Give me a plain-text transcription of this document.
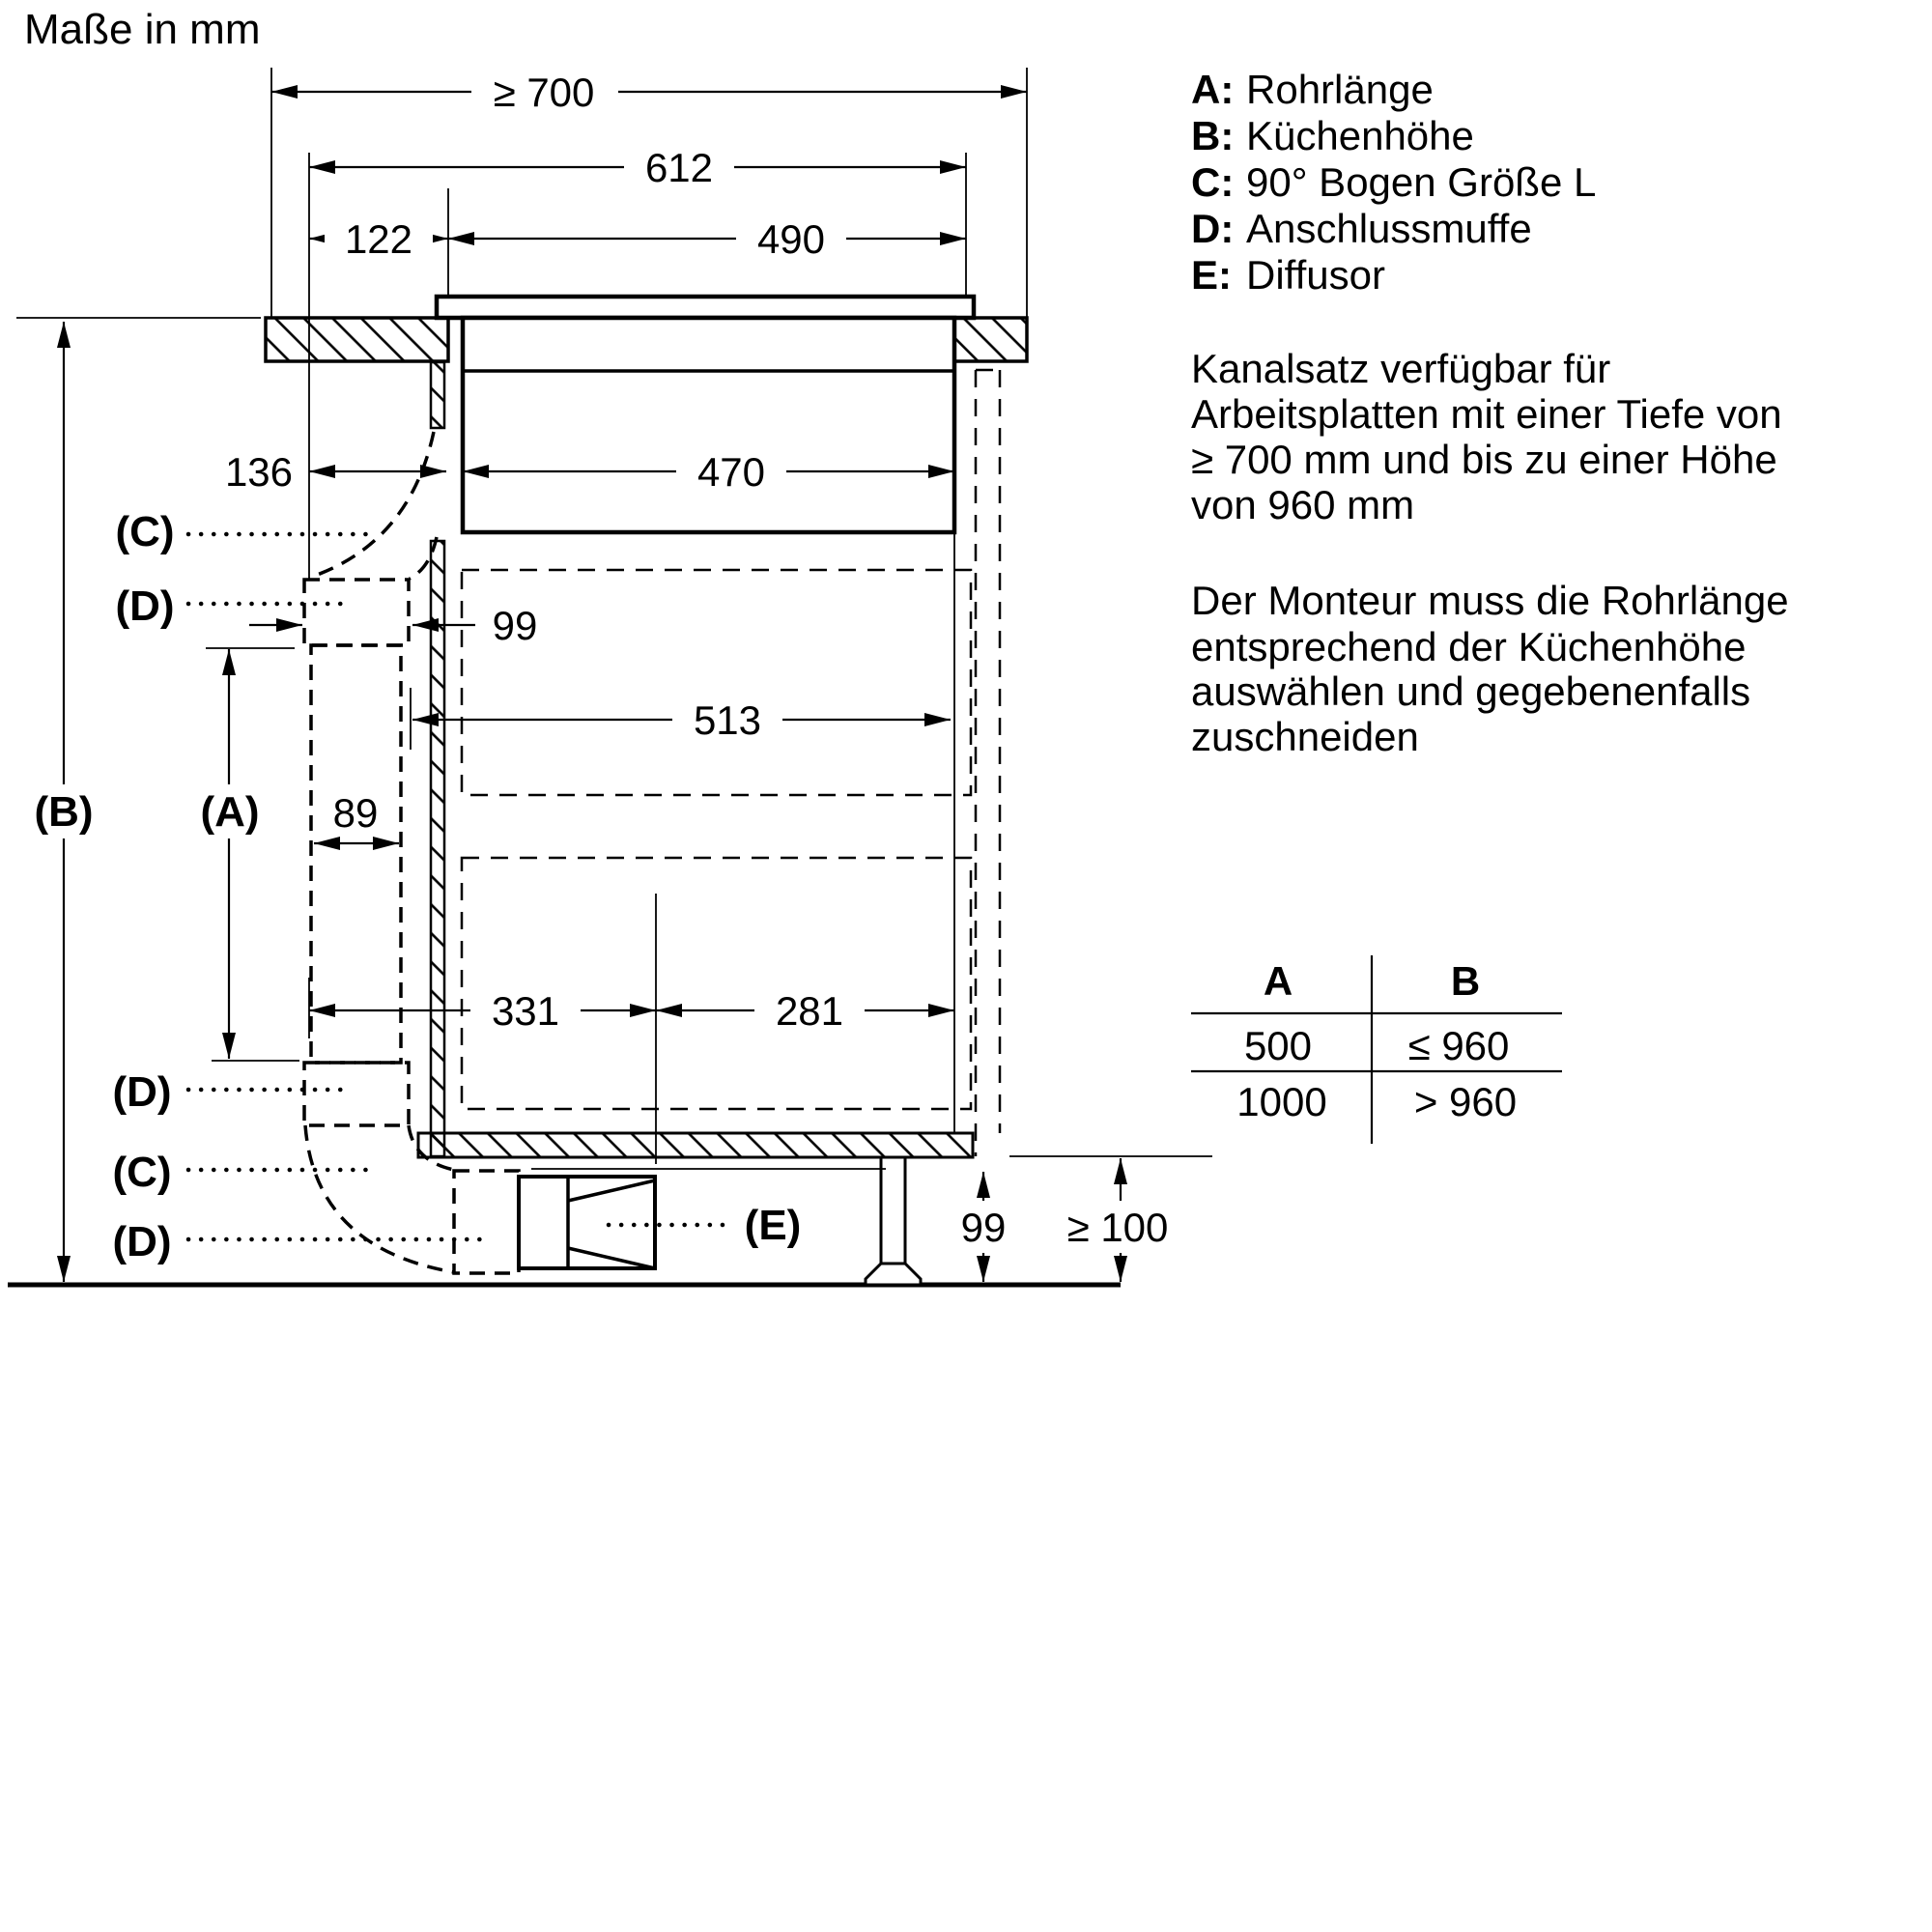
Maße in mm
≥ 700
612
122	490
136	470
99
513
89
331	281
99 ≥ 100
(A)
(B)
(C)
(D)
(D)
(C)
(D)	(E)
A: Rohrlänge
B: Küchenhöhe
C: 90° Bogen Größe L
D: Anschlussmuffe
E: Diffusor
Kanalsatz verfügbar für
Arbeitsplatten mit einer Tiefe von
≥ 700 mm und bis zu einer Höhe
von 960 mm
Der Monteur muss die Rohrlänge
entsprechend der Küchenhöhe
auswählen und gegebenenfalls
zuschneiden
A	B
500 ≤ 960
1000 > 960
